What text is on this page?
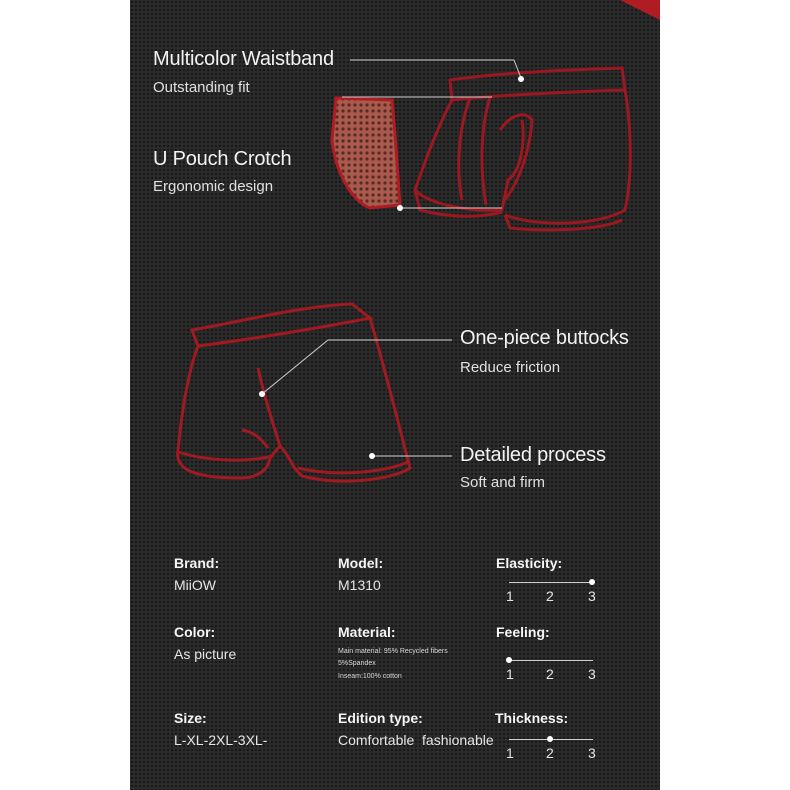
Multicolor Waistband
Outstanding fit
U Pouch Crotch
Ergonomic design
One-piece buttocks
Reduce friction
Detailed process
Soft and firm
Brand:
MiiOW
Model:
M1310
Elasticity:
1 2 3
Color:
As picture
Material:
Main material: 95% Recycled fibers
5%Spandex
Inseam:100% cotton
Feeling:
1 2 3
Size:
L-XL-2XL-3XL-
Edition type:
Comfortable  fashionable
Thickness:
1 2 3
